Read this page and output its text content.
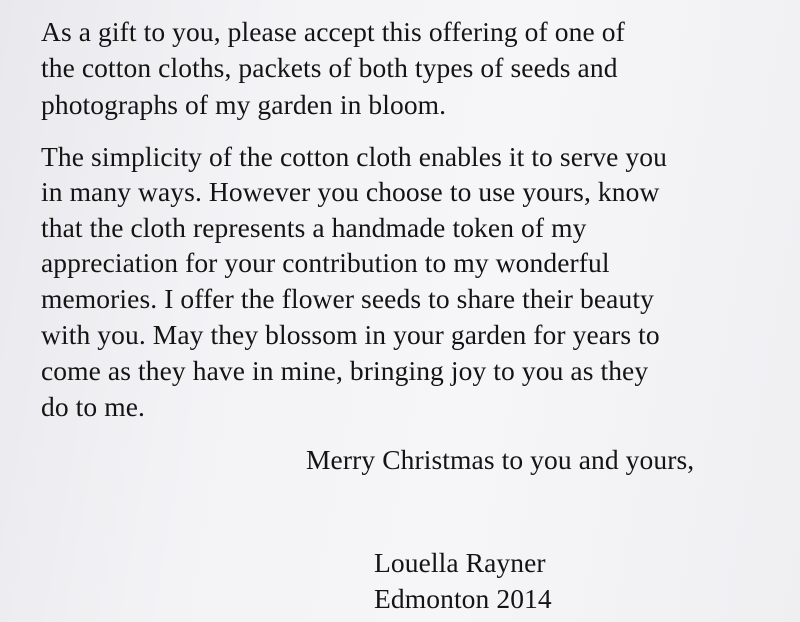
As a gift to you, please accept this offering of one of

the cotton cloths, packets of both types of seeds and

photographs of my garden in bloom.

The simplicity of the cotton cloth enables it to serve you

in many ways. However you choose to use yours, know

that the cloth represents a handmade token of my

appreciation for your contribution to my wonderful

memories. I offer the flower seeds to share their beauty

with you. May they blossom in your garden for years to

come as they have in mine, bringing joy to you as they

do to me.

Merry Christmas to you and yours,

Louella Rayner

Edmonton 2014
